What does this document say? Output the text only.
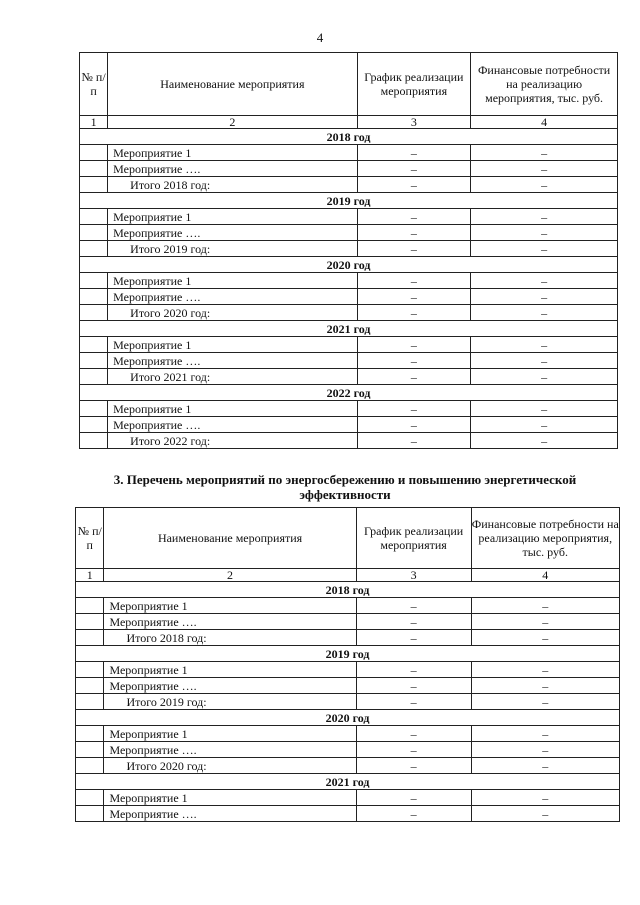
4
№ п/п	Наименование мероприятия	График реализации мероприятия	Финансовые потребности на реализацию мероприятия, тыс. руб.
1	2	3	4
2018 год			
	Мероприятие 1	–	–
	Мероприятие ….	–	–
	Итого 2018 год:	–	–
2019 год			
	Мероприятие 1	–	–
	Мероприятие ….	–	–
	Итого 2019 год:	–	–
2020 год			
	Мероприятие 1	–	–
	Мероприятие ….	–	–
	Итого 2020 год:	–	–
2021 год			
	Мероприятие 1	–	–
	Мероприятие ….	–	–
	Итого 2021 год:	–	–
2022 год			
	Мероприятие 1	–	–
	Мероприятие ….	–	–
	Итого 2022 год:	–	–
3. Перечень мероприятий по энергосбережению и повышению энергетической эффективности
№ п/п	Наименование мероприятия	График реализации мероприятия	Финансовые потребности на реализацию мероприятия, тыс. руб.
1	2	3	4
2018 год			
	Мероприятие 1	–	–
	Мероприятие ….	–	–
	Итого 2018 год:	–	–
2019 год			
	Мероприятие 1	–	–
	Мероприятие ….	–	–
	Итого 2019 год:	–	–
2020 год			
	Мероприятие 1	–	–
	Мероприятие ….	–	–
	Итого 2020 год:	–	–
2021 год			
	Мероприятие 1	–	–
	Мероприятие ….	–	–
